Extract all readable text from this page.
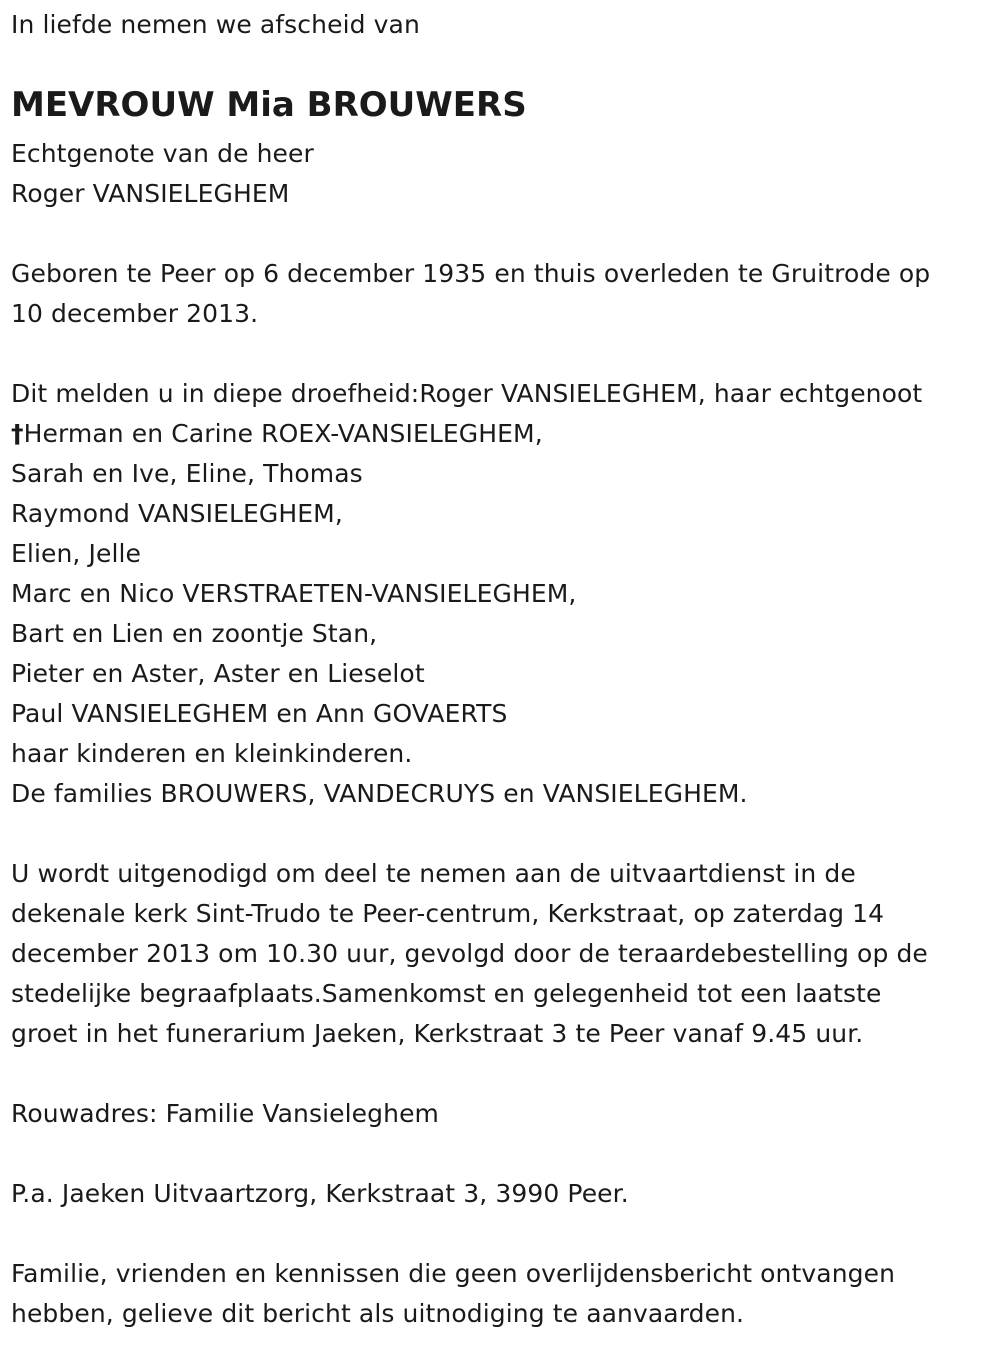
In liefde nemen we afscheid van
MEVROUW Mia BROUWERS
Echtgenote van de heer
Roger VANSIELEGHEM
Geboren te Peer op 6 december 1935 en thuis overleden te Gruitrode op
10 december 2013.
Dit melden u in diepe droefheid:Roger VANSIELEGHEM, haar echtgenoot
†Herman en Carine ROEX-VANSIELEGHEM,
Sarah en Ive, Eline, Thomas
Raymond VANSIELEGHEM,
Elien, Jelle
Marc en Nico VERSTRAETEN-VANSIELEGHEM,
Bart en Lien en zoontje Stan,
Pieter en Aster, Aster en Lieselot
Paul VANSIELEGHEM en Ann GOVAERTS
haar kinderen en kleinkinderen.
De families BROUWERS, VANDECRUYS en VANSIELEGHEM.
U wordt uitgenodigd om deel te nemen aan de uitvaartdienst in de
dekenale kerk Sint-Trudo te Peer-centrum, Kerkstraat, op zaterdag 14
december 2013 om 10.30 uur, gevolgd door de teraardebestelling op de
stedelijke begraafplaats.Samenkomst en gelegenheid tot een laatste
groet in het funerarium Jaeken, Kerkstraat 3 te Peer vanaf 9.45 uur.
Rouwadres: Familie Vansieleghem
P.a. Jaeken Uitvaartzorg, Kerkstraat 3, 3990 Peer.
Familie, vrienden en kennissen die geen overlijdensbericht ontvangen
hebben, gelieve dit bericht als uitnodiging te aanvaarden.
